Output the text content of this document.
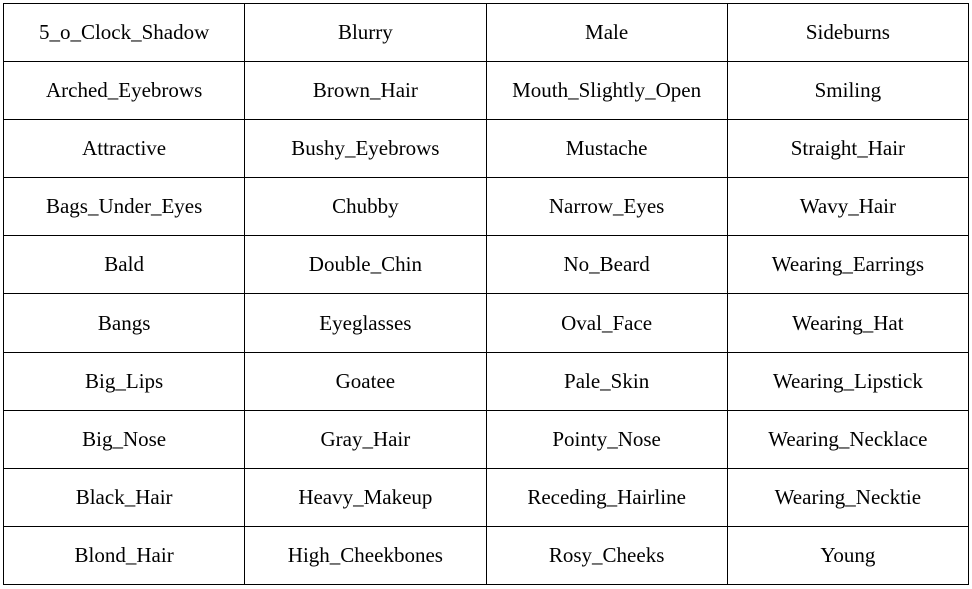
5_o_Clock_Shadow	Blurry	Male	Sideburns
Arched_Eyebrows	Brown_Hair	Mouth_Slightly_Open	Smiling
Attractive	Bushy_Eyebrows	Mustache	Straight_Hair
Bags_Under_Eyes	Chubby	Narrow_Eyes	Wavy_Hair
Bald	Double_Chin	No_Beard	Wearing_Earrings
Bangs	Eyeglasses	Oval_Face	Wearing_Hat
Big_Lips	Goatee	Pale_Skin	Wearing_Lipstick
Big_Nose	Gray_Hair	Pointy_Nose	Wearing_Necklace
Black_Hair	Heavy_Makeup	Receding_Hairline	Wearing_Necktie
Blond_Hair	High_Cheekbones	Rosy_Cheeks	Young
